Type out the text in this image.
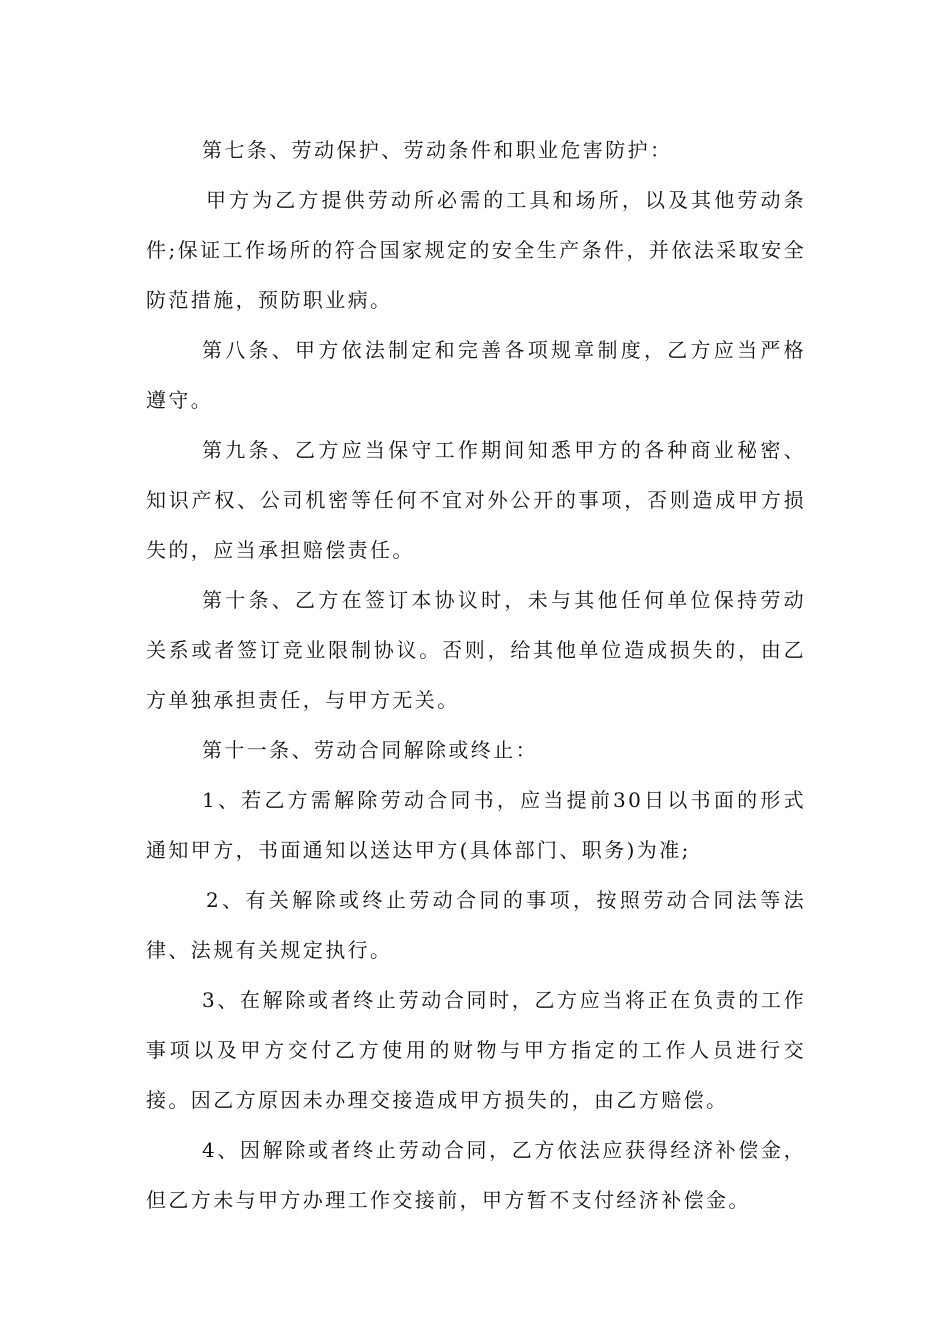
第七条、劳动保护、劳动条件和职业危害防护：

甲方为乙方提供劳动所必需的工具和场所，以及其他劳动条件;保证工作场所的符合国家规定的安全生产条件，并依法采取安全防范措施，预防职业病。

第八条、甲方依法制定和完善各项规章制度，乙方应当严格遵守。

第九条、乙方应当保守工作期间知悉甲方的各种商业秘密、知识产权、公司机密等任何不宜对外公开的事项，否则造成甲方损失的，应当承担赔偿责任。

第十条、乙方在签订本协议时，未与其他任何单位保持劳动关系或者签订竞业限制协议。否则，给其他单位造成损失的，由乙方单独承担责任，与甲方无关。

第十一条、劳动合同解除或终止：

1、若乙方需解除劳动合同书，应当提前30日以书面的形式通知甲方，书面通知以送达甲方(具体部门、职务)为准;

2、有关解除或终止劳动合同的事项，按照劳动合同法等法律、法规有关规定执行。

3、在解除或者终止劳动合同时，乙方应当将正在负责的工作事项以及甲方交付乙方使用的财物与甲方指定的工作人员进行交接。因乙方原因未办理交接造成甲方损失的，由乙方赔偿。

4、因解除或者终止劳动合同，乙方依法应获得经济补偿金，但乙方未与甲方办理工作交接前，甲方暂不支付经济补偿金。
